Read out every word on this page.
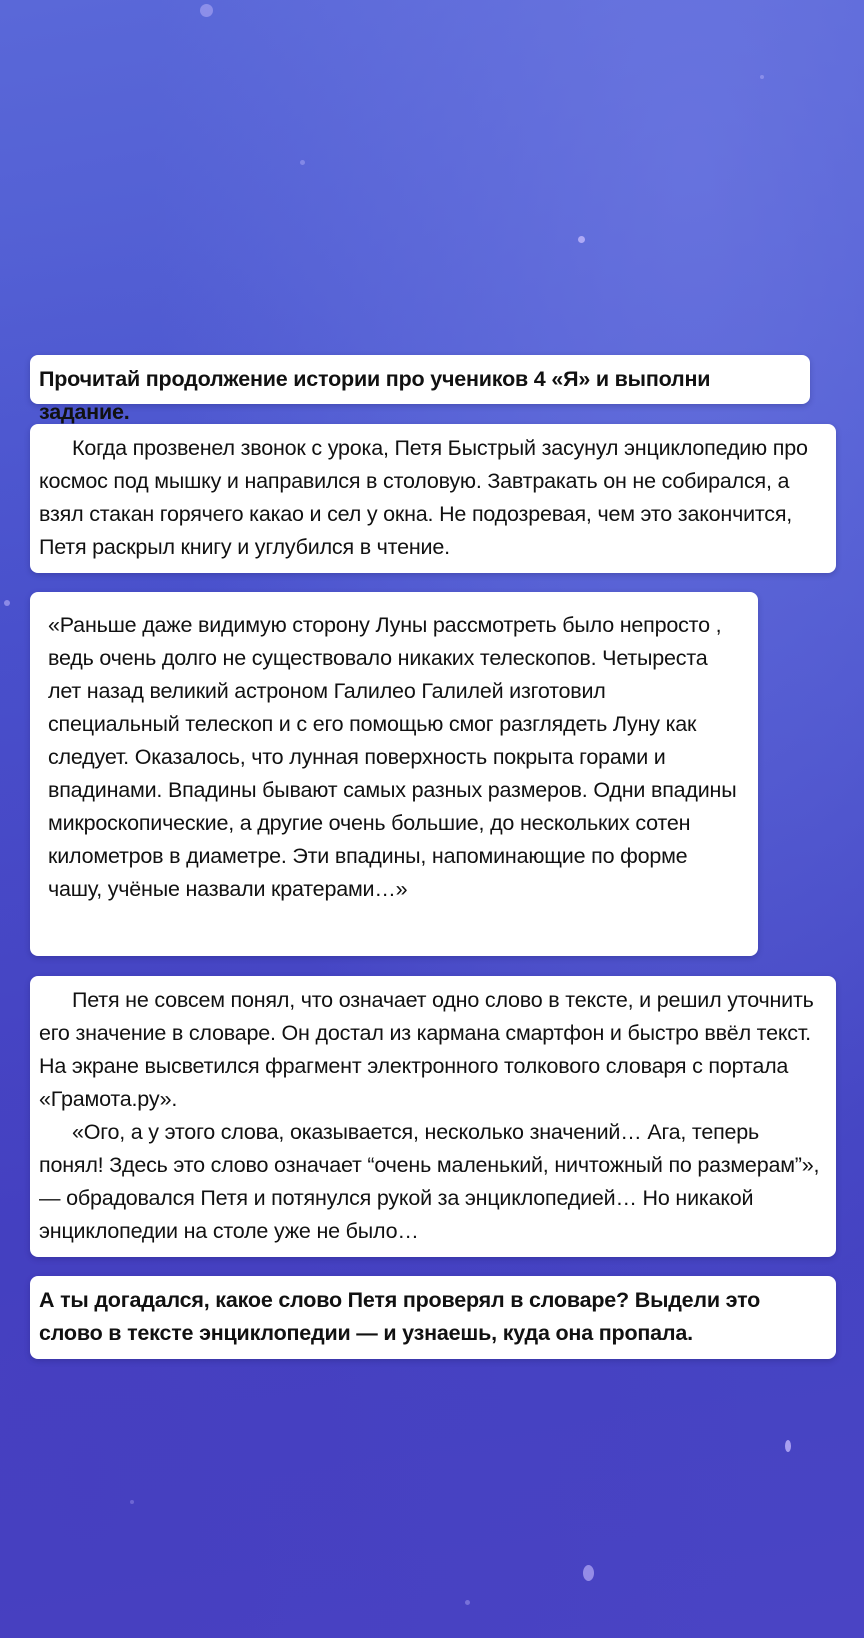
Прочитай продолжение истории про учеников 4 «Я» и выполни задание.

Когда прозвенел звонок с урока, Петя Быстрый засунул энциклопедию про космос под мышку и направился в столовую. Завтракать он не собирался, а взял стакан горячего какао и сел у окна. Не подозревая, чем это закончится, Петя раскрыл книгу и углубился в чтение.

«Раньше даже видимую сторону Луны рассмотреть было непросто , ведь очень долго не существовало никаких телескопов. Четыреста лет назад великий астроном Галилео Галилей изготовил специальный телескоп и с его помощью смог разглядеть Луну как следует. Оказалось, что лунная поверхность покрыта горами и впадинами. Впадины бывают самых разных размеров. Одни впадины микроскопические, а другие очень большие, до нескольких сотен километров в диаметре. Эти впадины, напоминающие по форме чашу, учёные назвали кратерами…»

Петя не совсем понял, что означает одно слово в тексте, и решил уточнить его значение в словаре. Он достал из кармана смартфон и быстро ввёл текст. На экране высветился фрагмент электронного толкового словаря с портала «Грамота.ру».

«Ого, а у этого слова, оказывается, несколько значений… Ага, теперь понял! Здесь это слово означает “очень маленький, ничтожный по размерам”», — обрадовался Петя и потянулся рукой за энциклопедией… Но никакой энциклопедии на столе уже не было…

А ты догадался, какое слово Петя проверял в словаре? Выдели это слово в тексте энциклопедии — и узнаешь, куда она пропала.
